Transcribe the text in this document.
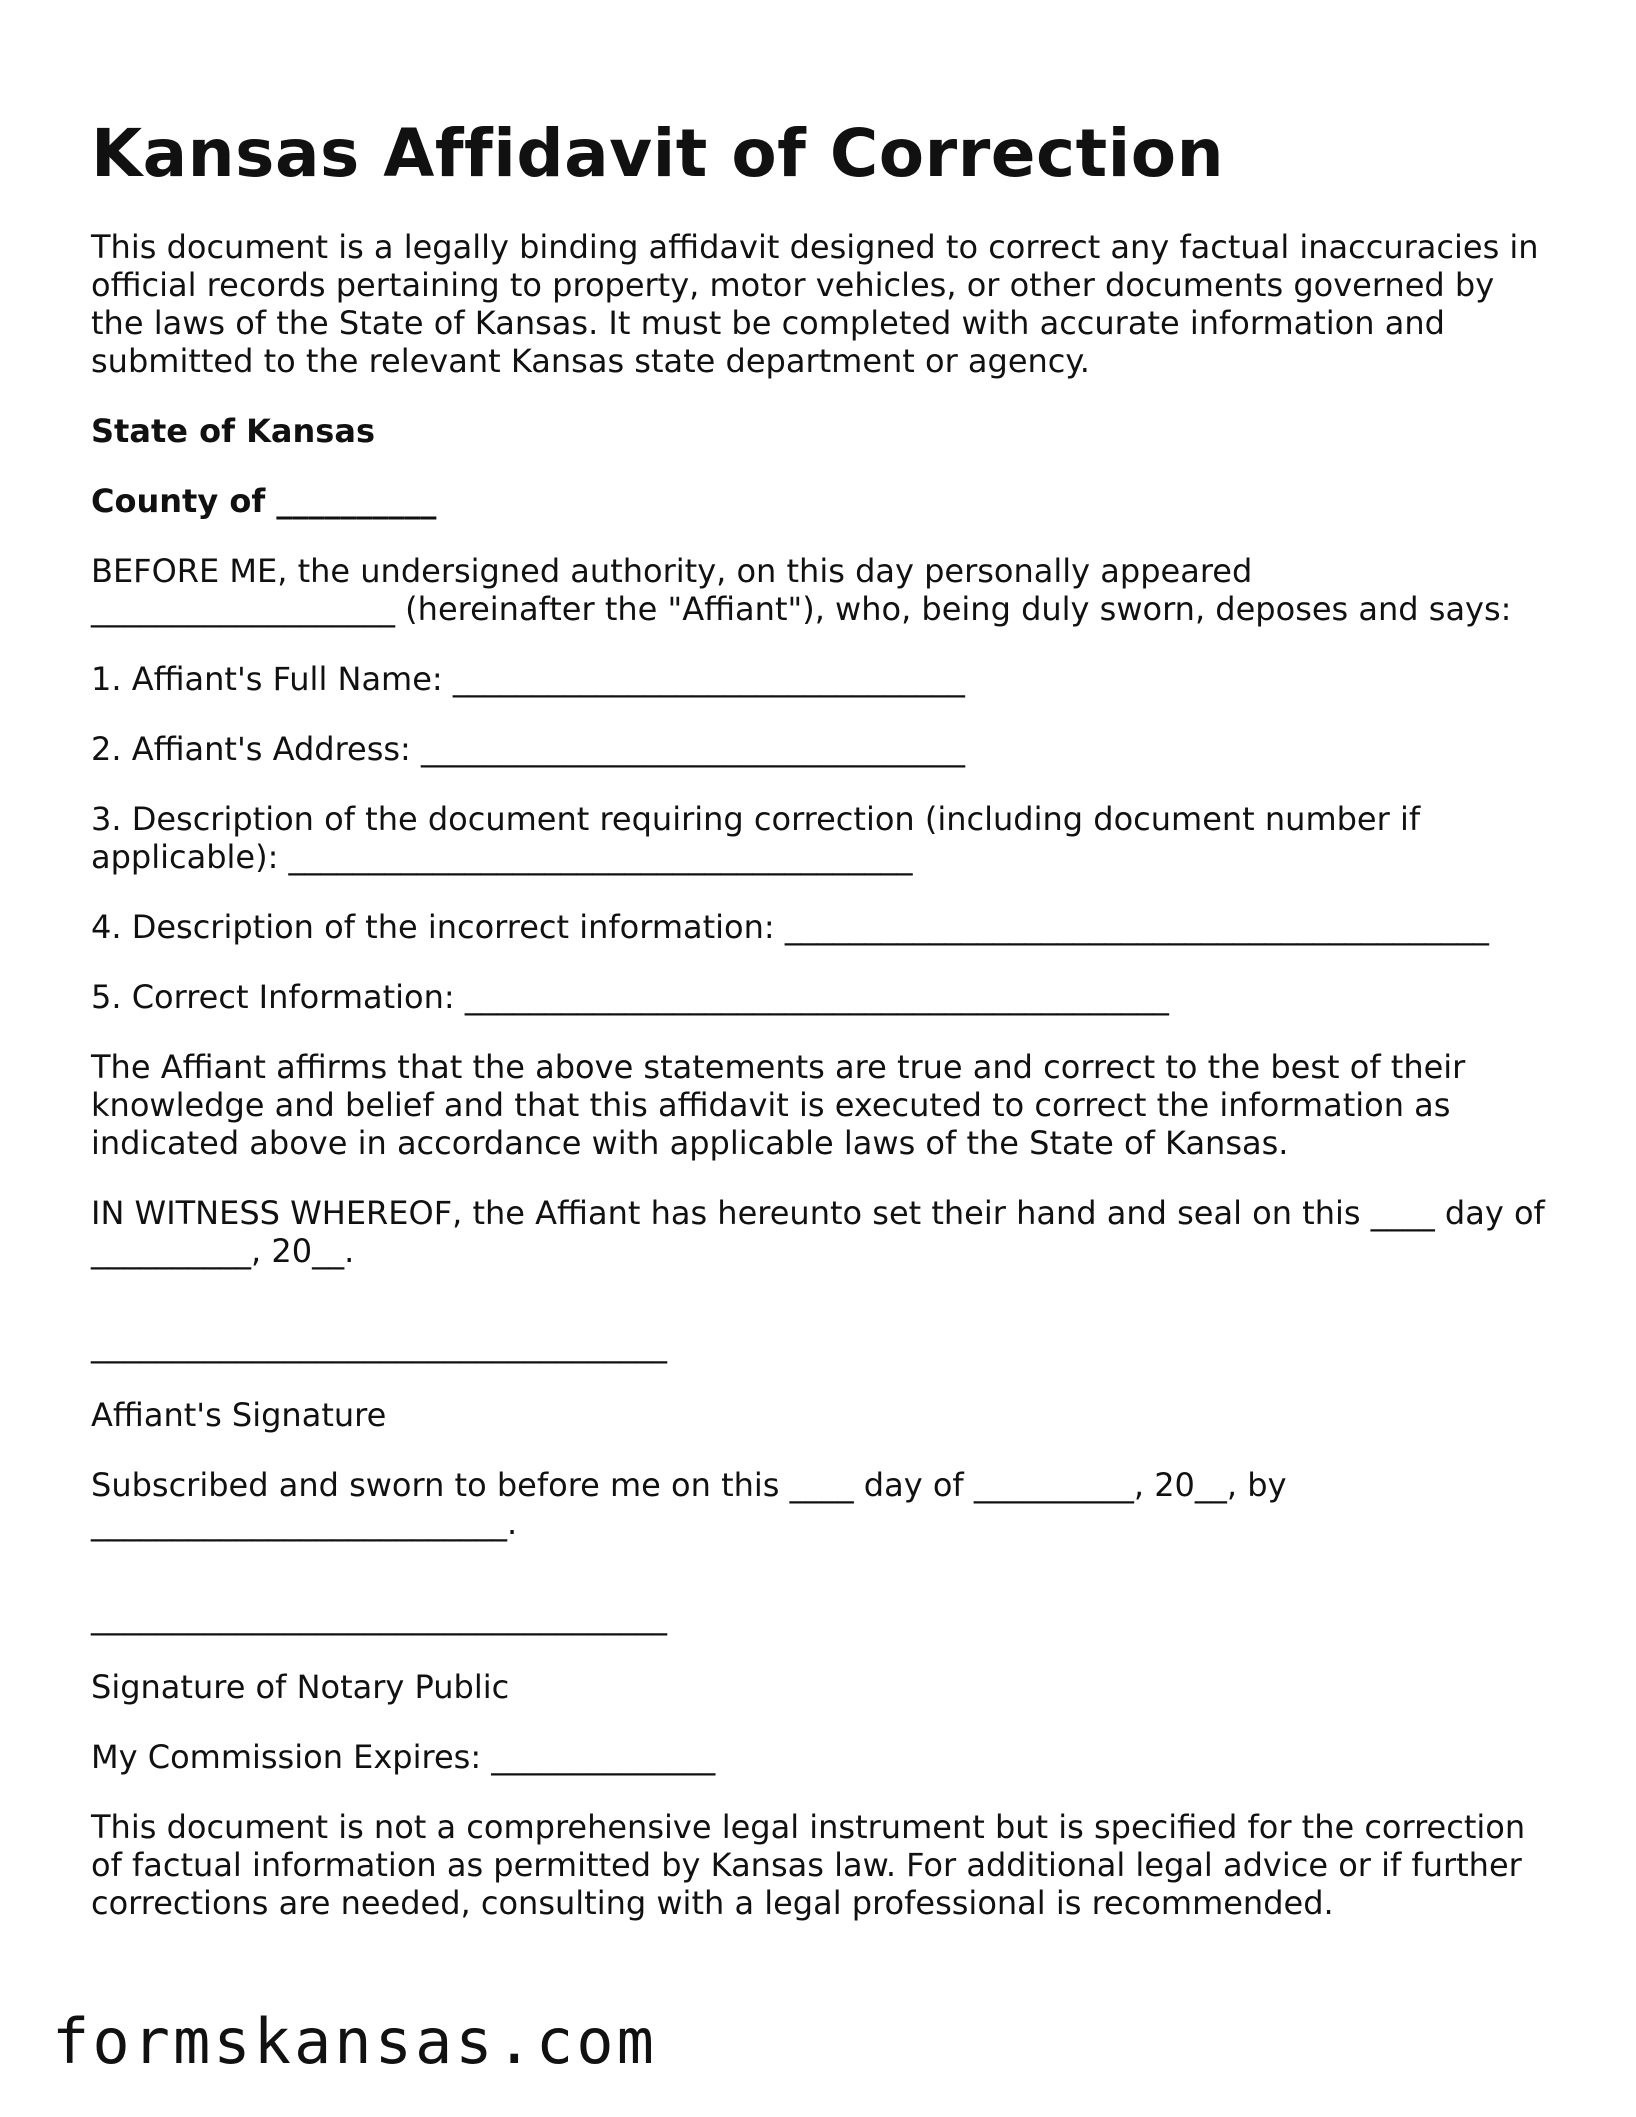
Kansas Affidavit of Correction

This document is a legally binding affidavit designed to correct any factual inaccuracies in official records pertaining to property, motor vehicles, or other documents governed by the laws of the State of Kansas. It must be completed with accurate information and submitted to the relevant Kansas state department or agency.

State of Kansas

County of __________

BEFORE ME, the undersigned authority, on this day personally appeared ___________________ (hereinafter the "Affiant"), who, being duly sworn, deposes and says:

1. Affiant's Full Name: ________________________________

2. Affiant's Address: __________________________________

3. Description of the document requiring correction (including document number if applicable): _______________________________________

4. Description of the incorrect information: ____________________________________________

5. Correct Information: ____________________________________________

The Affiant affirms that the above statements are true and correct to the best of their knowledge and belief and that this affidavit is executed to correct the information as indicated above in accordance with applicable laws of the State of Kansas.

IN WITNESS WHEREOF, the Affiant has hereunto set their hand and seal on this ____ day of __________, 20__.

____________________________________

Affiant's Signature

Subscribed and sworn to before me on this ____ day of __________, 20__, by __________________________.

____________________________________

Signature of Notary Public

My Commission Expires: ______________

This document is not a comprehensive legal instrument but is specified for the correction of factual information as permitted by Kansas law. For additional legal advice or if further corrections are needed, consulting with a legal professional is recommended.

formskansas.com
